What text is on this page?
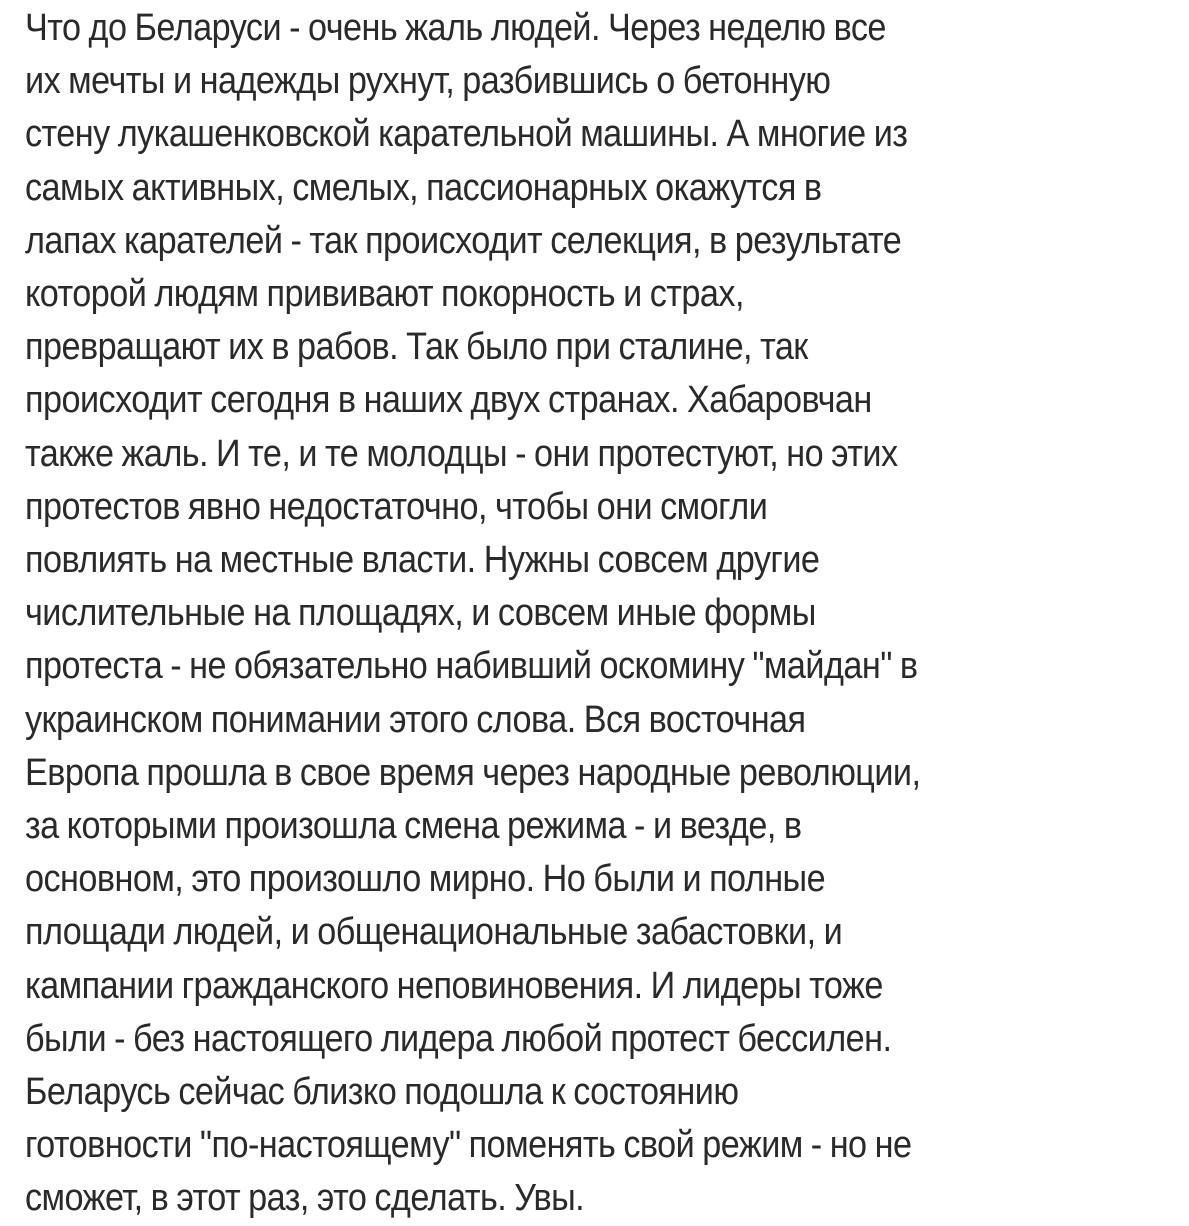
Что до Беларуси - очень жаль людей. Через неделю все
их мечты и надежды рухнут, разбившись о бетонную
стену лукашенковской карательной машины. А многие из
самых активных, смелых, пассионарных окажутся в
лапах карателей - так происходит селекция, в результате
которой людям прививают покорность и страх,
превращают их в рабов. Так было при сталине, так
происходит сегодня в наших двух странах. Хабаровчан
также жаль. И те, и те молодцы - они протестуют, но этих
протестов явно недостаточно, чтобы они смогли
повлиять на местные власти. Нужны совсем другие
числительные на площадях, и совсем иные формы
протеста - не обязательно набивший оскомину "майдан" в
украинском понимании этого слова. Вся восточная
Европа прошла в свое время через народные революции,
за которыми произошла смена режима - и везде, в
основном, это произошло мирно. Но были и полные
площади людей, и общенациональные забастовки, и
кампании гражданского неповиновения. И лидеры тоже
были - без настоящего лидера любой протест бессилен.
Беларусь сейчас близко подошла к состоянию
готовности "по-настоящему" поменять свой режим - но не
сможет, в этот раз, это сделать. Увы.
